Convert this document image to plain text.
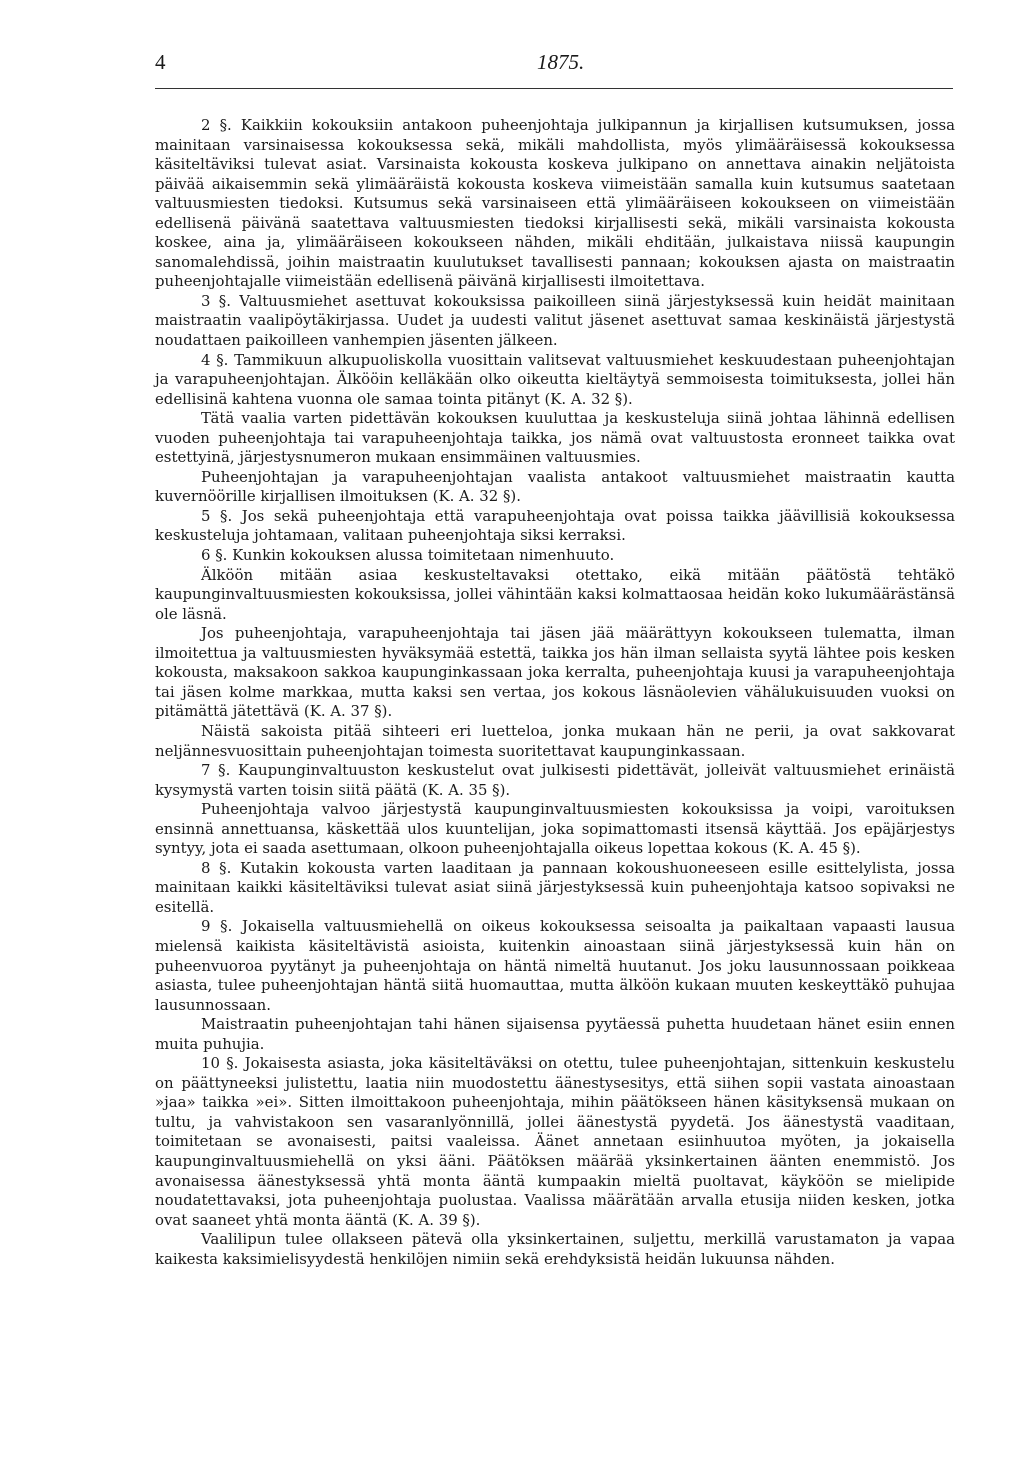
4	1875.

2 §. Kaikkiin kokouksiin antakoon puheenjohtaja julkipannun ja kirjallisen kutsumuksen, jossa mainitaan varsinaisessa kokouksessa sekä, mikäli mahdollista, myös ylimääräisessä kokouksessa käsiteltäviksi tulevat asiat. Varsinaista kokousta koskeva julkipano on annettava ainakin neljätoista päivää aikaisemmin sekä ylimääräistä kokousta koskeva viimeistään samalla kuin kutsumus saatetaan valtuusmiesten tiedoksi. Kutsumus sekä varsinaiseen että ylimääräiseen kokoukseen on viimeistään edellisenä päivänä saatettava valtuusmiesten tiedoksi kirjallisesti sekä, mikäli varsinaista kokousta koskee, aina ja, ylimääräiseen kokoukseen nähden, mikäli ehditään, julkaistava niissä kaupungin sanomalehdissä, joihin maistraatin kuulutukset tavallisesti pannaan; kokouksen ajasta on maistraatin puheenjohtajalle viimeistään edellisenä päivänä kirjallisesti ilmoitettava.

3 §. Valtuusmiehet asettuvat kokouksissa paikoilleen siinä järjestyksessä kuin heidät mainitaan maistraatin vaalipöytäkirjassa. Uudet ja uudesti valitut jäsenet asettuvat samaa keskinäistä järjestystä noudattaen paikoilleen vanhempien jäsenten jälkeen.

4 §. Tammikuun alkupuoliskolla vuosittain valitsevat valtuusmiehet keskuudestaan puheenjohtajan ja varapuheenjohtajan. Älkööin kelläkään olko oikeutta kieltäytyä semmoisesta toimituksesta, jollei hän edellisinä kahtena vuonna ole samaa tointa pitänyt (K. A. 32 §).

Tätä vaalia varten pidettävän kokouksen kuuluttaa ja keskusteluja siinä johtaa lähinnä edellisen vuoden puheenjohtaja tai varapuheenjohtaja taikka, jos nämä ovat valtuustosta eronneet taikka ovat estettyinä, järjestysnumeron mukaan ensimmäinen valtuusmies.

Puheenjohtajan ja varapuheenjohtajan vaalista antakoot valtuusmiehet maistraatin kautta kuvernöörille kirjallisen ilmoituksen (K. A. 32 §).

5 §. Jos sekä puheenjohtaja että varapuheenjohtaja ovat poissa taikka jäävillisiä kokouksessa keskusteluja johtamaan, valitaan puheenjohtaja siksi kerraksi.

6 §. Kunkin kokouksen alussa toimitetaan nimenhuuto.

Älköön mitään asiaa keskusteltavaksi otettako, eikä mitään päätöstä tehtäkö kaupunginvaltuusmiesten kokouksissa, jollei vähintään kaksi kolmattaosaa heidän koko lukumäärästänsä ole läsnä.

Jos puheenjohtaja, varapuheenjohtaja tai jäsen jää määrättyyn kokoukseen tulematta, ilman ilmoitettua ja valtuusmiesten hyväksymää estettä, taikka jos hän ilman sellaista syytä lähtee pois kesken kokousta, maksakoon sakkoa kaupunginkassaan joka kerralta, puheenjohtaja kuusi ja varapuheenjohtaja tai jäsen kolme markkaa, mutta kaksi sen vertaa, jos kokous läsnäolevien vähälukuisuuden vuoksi on pitämättä jätettävä (K. A. 37 §).

Näistä sakoista pitää sihteeri eri luetteloa, jonka mukaan hän ne perii, ja ovat sakkovarat neljännesvuosittain puheenjohtajan toimesta suoritettavat kaupunginkassaan.

7 §. Kaupunginvaltuuston keskustelut ovat julkisesti pidettävät, jolleivät valtuusmiehet erinäistä kysymystä varten toisin siitä päätä (K. A. 35 §).

Puheenjohtaja valvoo järjestystä kaupunginvaltuusmiesten kokouksissa ja voipi, varoituksen ensinnä annettuansa, käskettää ulos kuuntelijan, joka sopimattomasti itsensä käyttää. Jos epäjärjestys syntyy, jota ei saada asettumaan, olkoon puheenjohtajalla oikeus lopettaa kokous (K. A. 45 §).

8 §. Kutakin kokousta varten laaditaan ja pannaan kokoushuoneeseen esille esittelylista, jossa mainitaan kaikki käsiteltäviksi tulevat asiat siinä järjestyksessä kuin puheenjohtaja katsoo sopivaksi ne esitellä.

9 §. Jokaisella valtuusmiehellä on oikeus kokouksessa seisoalta ja paikaltaan vapaasti lausua mielensä kaikista käsiteltävistä asioista, kuitenkin ainoastaan siinä järjestyksessä kuin hän on puheenvuoroa pyytänyt ja puheenjohtaja on häntä nimeltä huutanut. Jos joku lausunnossaan poikkeaa asiasta, tulee puheenjohtajan häntä siitä huomauttaa, mutta älköön kukaan muuten keskeyttäkö puhujaa lausunnossaan.

Maistraatin puheenjohtajan tahi hänen sijaisensa pyytäessä puhetta huudetaan hänet esiin ennen muita puhujia.

10 §. Jokaisesta asiasta, joka käsiteltäväksi on otettu, tulee puheenjohtajan, sittenkuin keskustelu on päättyneeksi julistettu, laatia niin muodostettu äänestysesitys, että siihen sopii vastata ainoastaan »jaa» taikka »ei». Sitten ilmoittakoon puheenjohtaja, mihin päätökseen hänen käsityksensä mukaan on tultu, ja vahvistakoon sen vasaranlyönnillä, jollei äänestystä pyydetä. Jos äänestystä vaaditaan, toimitetaan se avonaisesti, paitsi vaaleissa. Äänet annetaan esiinhuutoa myöten, ja jokaisella kaupunginvaltuusmiehellä on yksi ääni. Päätöksen määrää yksinkertainen äänten enemmistö. Jos avonaisessa äänestyksessä yhtä monta ääntä kumpaakin mieltä puoltavat, käyköön se mielipide noudatettavaksi, jota puheenjohtaja puolustaa. Vaalissa määrätään arvalla etusija niiden kesken, jotka ovat saaneet yhtä monta ääntä (K. A. 39 §).

Vaalilipun tulee ollakseen pätevä olla yksinkertainen, suljettu, merkillä varustamaton ja vapaa kaikesta kaksimielisyydestä henkilöjen nimiin sekä erehdyksistä heidän lukuunsa nähden.
